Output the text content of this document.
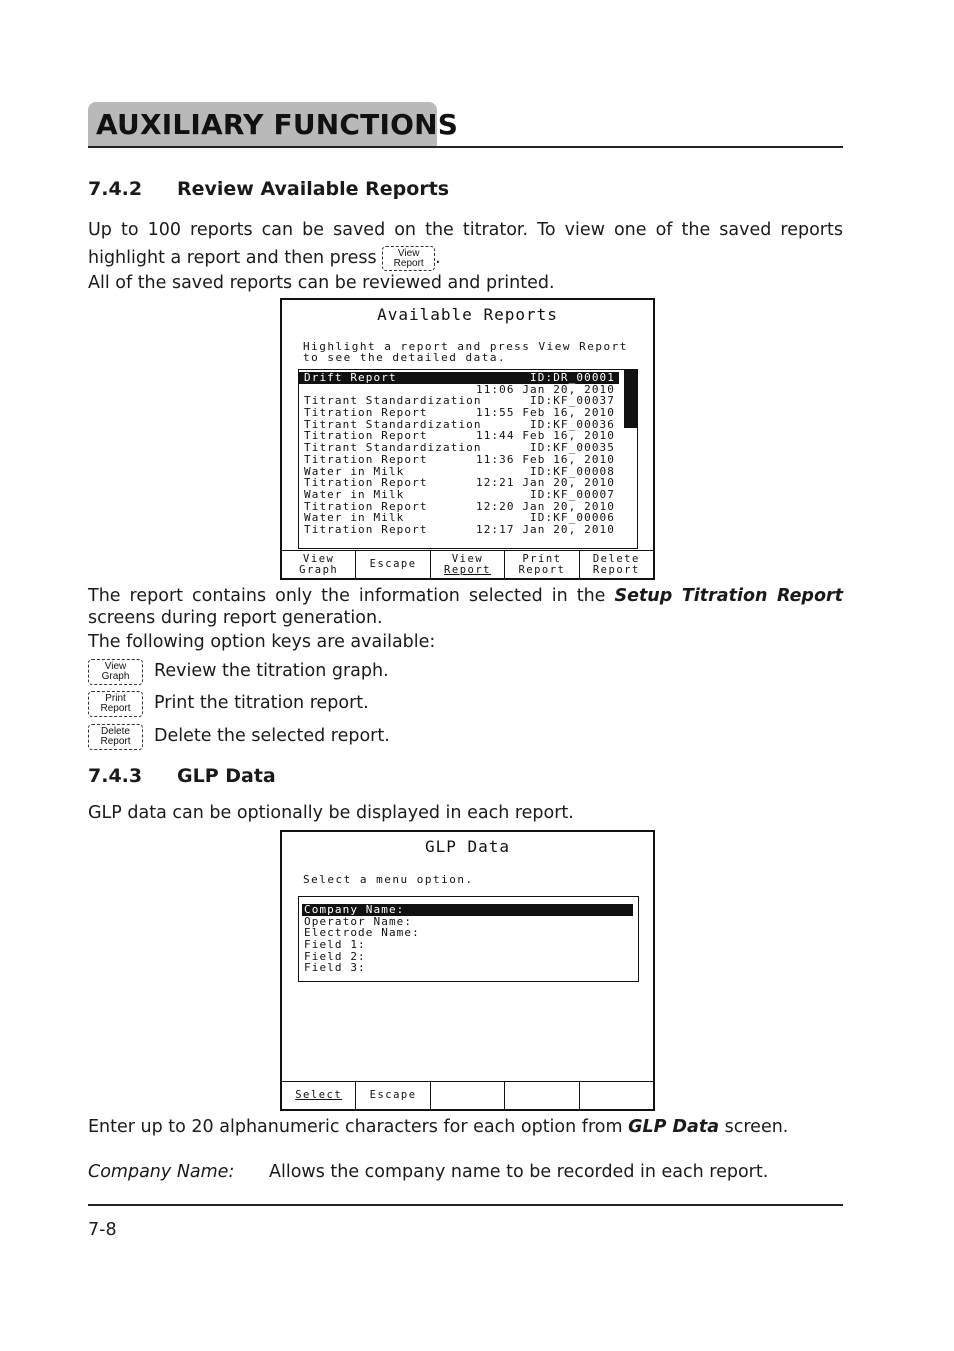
AUXILIARY FUNCTIONS
7.4.2 Review Available Reports
Up to 100 reports can be saved on the titrator. To view one of the saved reports highlight a report and then press	View
Report .
All of the saved reports can be reviewed and printed.
Available Reports
Highlight a report and press View Report
to see the detailed data.
Drift Report	ID:DR_00001
11:06 Jan 20, 2010
Titrant Standardization	ID:KF_00037
Titration Report	11:55 Feb 16, 2010
Titrant Standardization	ID:KF_00036
Titration Report	11:44 Feb 16, 2010
Titrant Standardization	ID:KF_00035
Titration Report	11:36 Feb 16, 2010
Water in Milk	ID:KF_00008
Titration Report	12:21 Jan 20, 2010
Water in Milk	ID:KF_00007
Titration Report	12:20 Jan 20, 2010
Water in Milk	ID:KF_00006
Titration Report	12:17 Jan 20, 2010
View
Graph	Escape	View
Report
Print
Report
Delete
Report
The report contains only the information selected in the Setup Titration Report screens during report generation.
The following option keys are available:
View
Graph	Review the titration graph.
Print
Report	Print the titration report.
Delete
Report	Delete the selected report.
7.4.3 GLP Data
GLP data can be optionally be displayed in each report.
GLP Data
Select a menu option.
Company Name:
Operator Name:
Electrode Name:
Field 1:
Field 2:
Field 3:
Select	Escape
Enter up to 20 alphanumeric characters for each option from GLP Data screen.
Company Name: Allows the company name to be recorded in each report.
7-8
